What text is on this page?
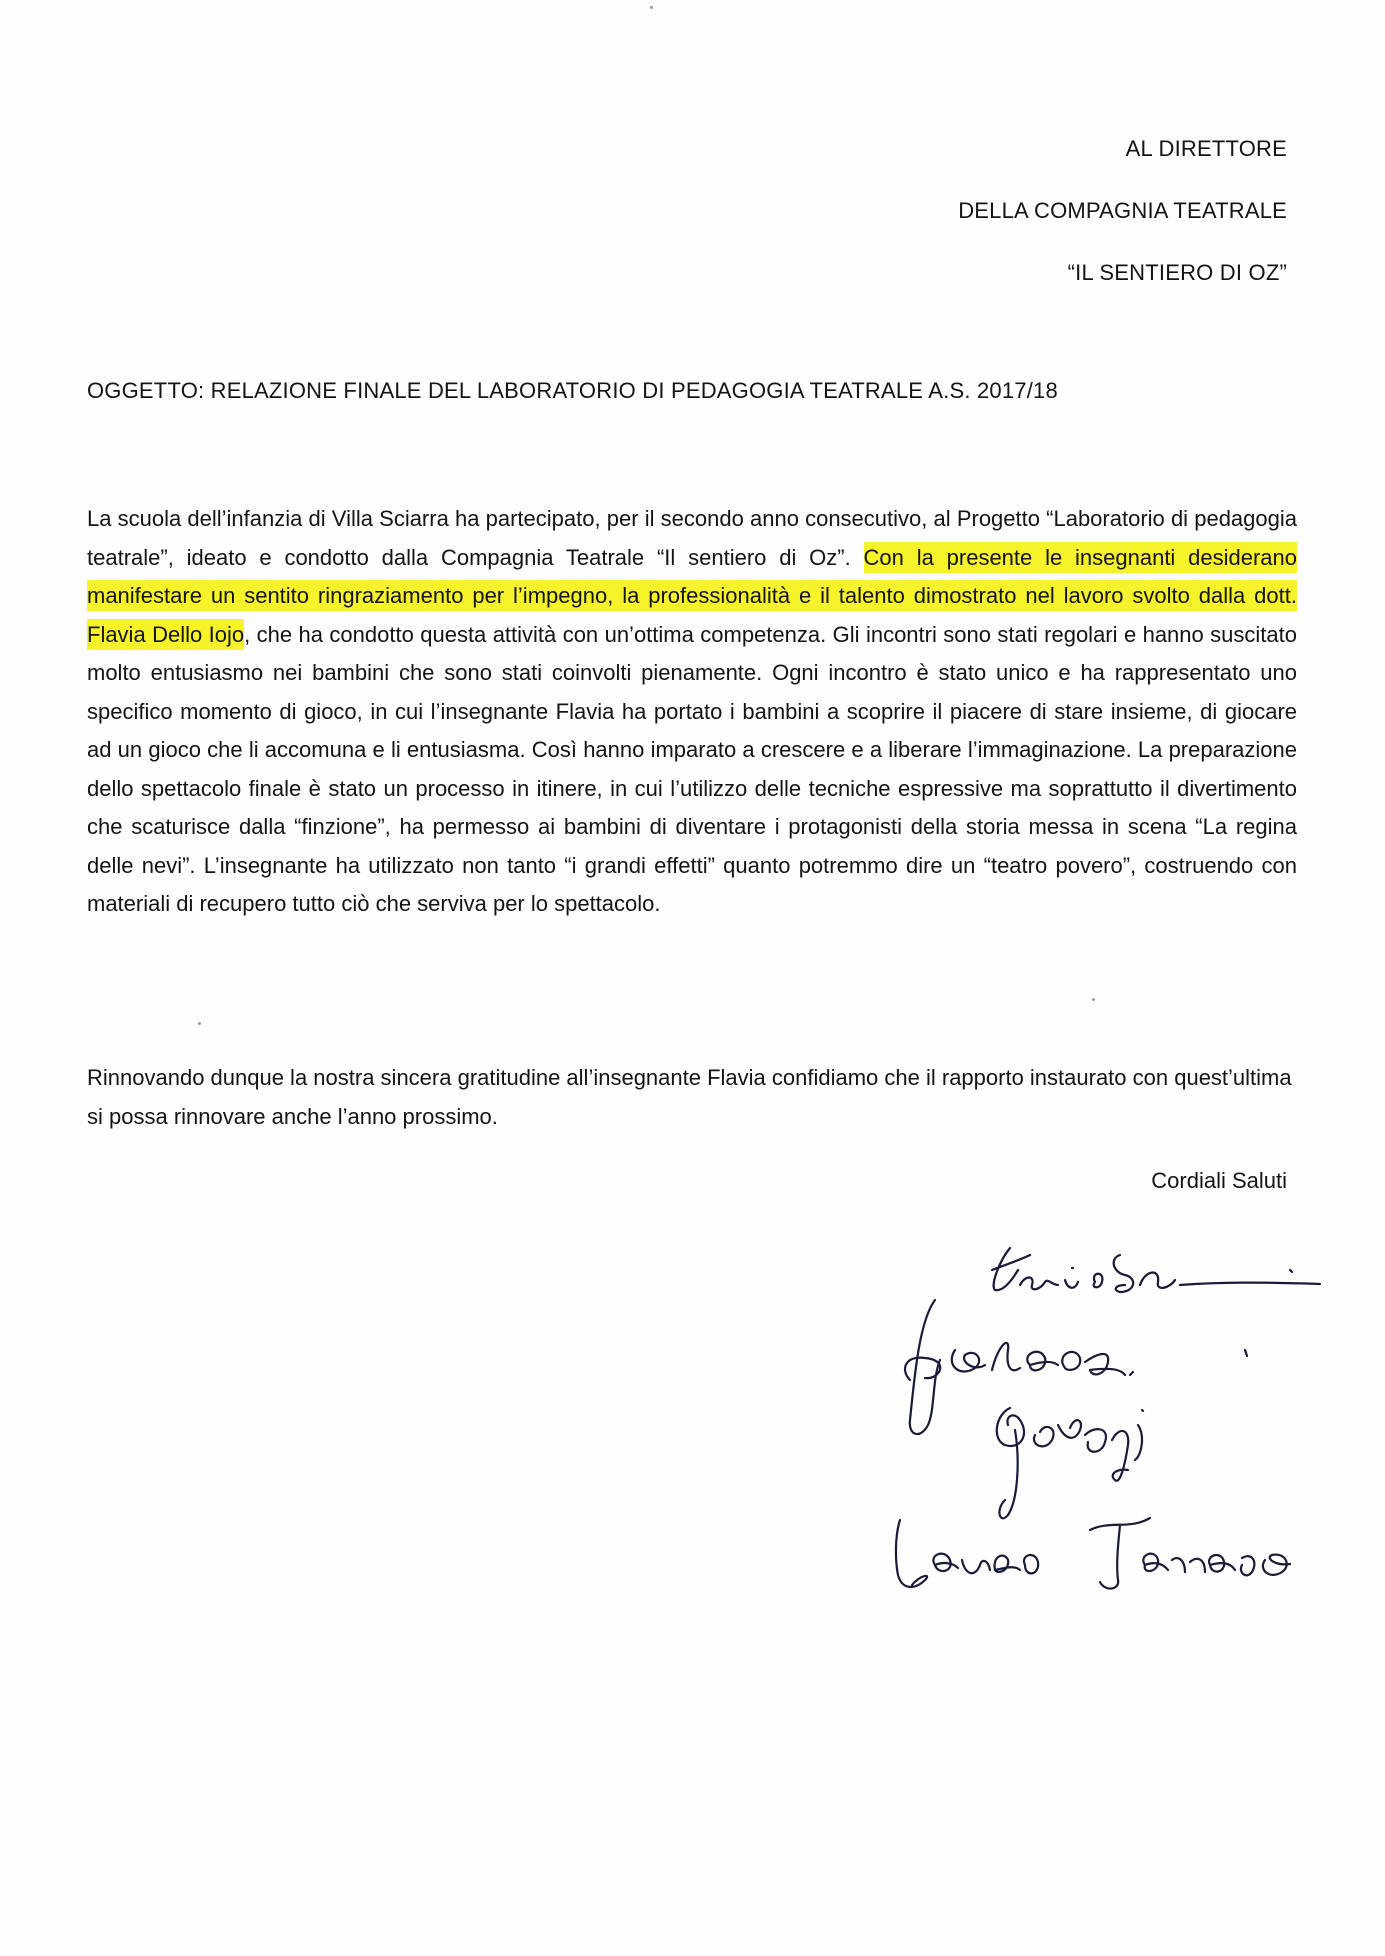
AL DIRETTORE
DELLA COMPAGNIA TEATRALE
“IL SENTIERO DI OZ”
OGGETTO: RELAZIONE FINALE DEL LABORATORIO DI PEDAGOGIA TEATRALE A.S. 2017/18

La scuola dell’infanzia di Villa Sciarra ha partecipato, per il secondo anno consecutivo, al Progetto “Laboratorio di pedagogia teatrale”, ideato e condotto dalla Compagnia Teatrale “Il sentiero di Oz”. Con la presente le insegnanti desiderano manifestare un sentito ringraziamento per l’impegno, la professionalità e il talento dimostrato nel lavoro svolto dalla dott. Flavia Dello Iojo, che ha condotto questa attività con un’ottima competenza. Gli incontri sono stati regolari e hanno suscitato molto entusiasmo nei bambini che sono stati coinvolti pienamente. Ogni incontro è stato unico e ha rappresentato uno specifico momento di gioco, in cui l’insegnante Flavia ha portato i bambini a scoprire il piacere di stare insieme, di giocare ad un gioco che li accomuna e li entusiasma. Così hanno imparato a crescere e a liberare l’immaginazione. La preparazione dello spettacolo finale è stato un processo in itinere, in cui l’utilizzo delle tecniche espressive ma soprattutto il divertimento che scaturisce dalla “finzione”, ha permesso ai bambini di diventare i protagonisti della storia messa in scena “La regina delle nevi”. L’insegnante ha utilizzato non tanto “i grandi effetti” quanto potremmo dire un “teatro povero”, costruendo con materiali di recupero tutto ciò che serviva per lo spettacolo.

Rinnovando dunque la nostra sincera gratitudine all’insegnante Flavia confidiamo che il rapporto instaurato con quest’ultima si possa rinnovare anche l’anno prossimo.

Cordiali Saluti
